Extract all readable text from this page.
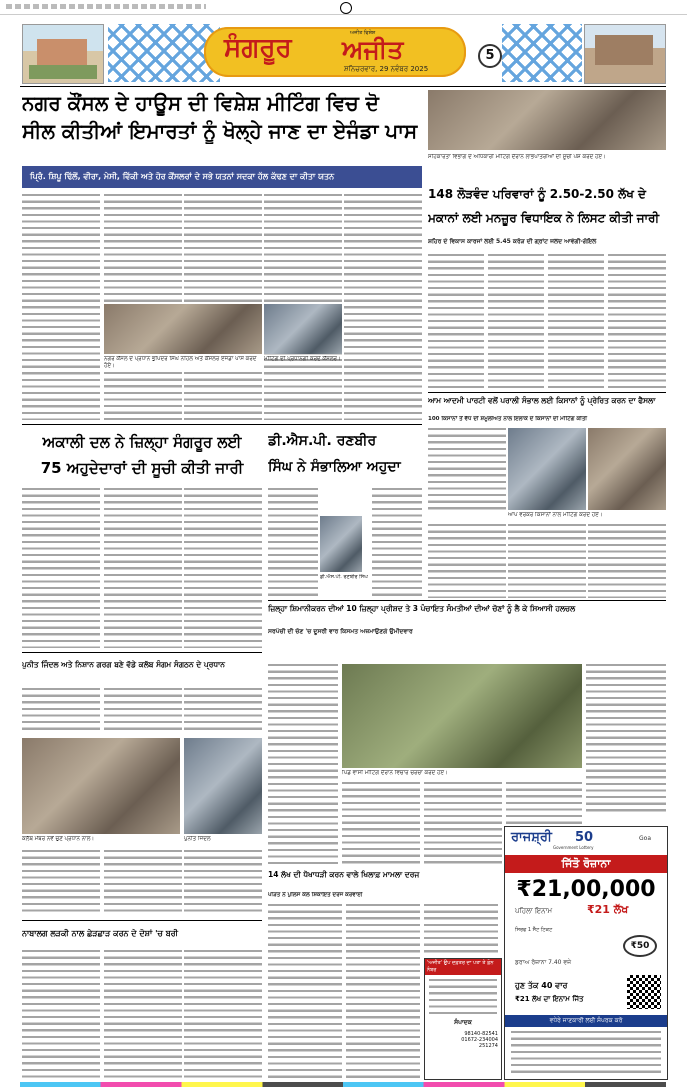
ਸੰਗਰੂਰ	ਅਜੀਤ ਵਿਸ਼ੇਸ਼
ਅਜੀਤ
ਸ਼ਨਿਚਰਵਾਰ, 29 ਨਵੰਬਰ 2025
5
ਨਗਰ ਕੌਂਸਲ ਦੇ ਹਾਊਸ ਦੀ ਵਿਸ਼ੇਸ਼ ਮੀਟਿੰਗ ਵਿਚ ਦੋ
ਸੀਲ ਕੀਤੀਆਂ ਇਮਾਰਤਾਂ ਨੂੰ ਖੋਲ੍ਹੇ ਜਾਣ ਦਾ ਏਜੰਡਾ ਪਾਸ
ਪ੍ਰਿੰ. ਸ਼ਿਪੂ ਢਿੱਲੋਂ, ਵੀਰਾ, ਮੇਸੀ, ਵਿੱਕੀ ਅਤੇ ਹੋਰ ਕੌਂਸਲਰਾਂ ਦੇ ਸਭੇ ਯਤਨਾਂ ਸਦਕਾ ਹੱਲ ਕੱਢਣ ਦਾ ਕੀਤਾ ਯਤਨ
ਨਗਰ ਕੌਂਸਲ ਦੇ ਪ੍ਰਧਾਨ ਭੁਪਿੰਦਰ ਸਿੰਘ ਨਹਿਲ ਅਤੇ ਕੌਂਸਲਰ ਏਜੰਡਾ ਪਾਸ ਕਰਦੇ ਹੋਏ।
ਮੀਟਿੰਗ ਦੀ ਪ੍ਰਧਾਨਗੀ ਕਰਦੇ ਕੌਂਸਲਰ।
ਸਹਿਕਾਰਤਾ ਵਿਭਾਗ ਦੇ ਅਧਿਕਾਰੀ ਮੀਟਿੰਗ ਦੌਰਾਨ ਲਾਭਪਾਤਰੀਆਂ ਦੀ ਸੂਚੀ ਪੇਸ਼ ਕਰਦੇ ਹੋਏ।
148 ਲੋੜਵੰਦ ਪਰਿਵਾਰਾਂ ਨੂੰ 2.50-2.50 ਲੱਖ ਦੇ
ਮਕਾਨਾਂ ਲਈ ਮਨਜ਼ੂਰ ਵਿਧਾਇਕ ਨੇ ਲਿਸਟ ਕੀਤੀ ਜਾਰੀ
ਸ਼ਹਿਰ ਦੇ ਵਿਕਾਸ ਕਾਰਜਾਂ ਲਈ 5.45 ਕਰੋੜ ਦੀ ਗ੍ਰਾਂਟ ਜਲਦ ਆਵੇਗੀ-ਗੋਇਲ
ਆਮ ਆਦਮੀ ਪਾਰਟੀ ਵਲੋਂ ਪਰਾਲੀ ਸੰਭਾਲ ਲਈ ਕਿਸਾਨਾਂ ਨੂੰ ਪ੍ਰੇਰਿਤ ਕਰਨ ਦਾ ਫੈਸਲਾ
100 ਕਿਸਾਨਾਂ ਤੋਂ ਵੱਧ ਦੀ ਸ਼ਮੂਲੀਅਤ ਨਾਲ ਇਲਾਕੇ ਦੇ ਕਿਸਾਨਾਂ ਦੀ ਮੀਟਿੰਗ ਕੀਤੀ
ਆਪ ਵਰਕਰ ਕਿਸਾਨਾਂ ਨਾਲ ਮੀਟਿੰਗ ਕਰਦੇ ਹੋਏ।
ਅਕਾਲੀ ਦਲ ਨੇ ਜ਼ਿਲ੍ਹਾ ਸੰਗਰੂਰ ਲਈ
75 ਅਹੁਦੇਦਾਰਾਂ ਦੀ ਸੂਚੀ ਕੀਤੀ ਜਾਰੀ
ਡੀ.ਐਸ.ਪੀ. ਰਣਬੀਰ
ਸਿੰਘ ਨੇ ਸੰਭਾਲਿਆ ਅਹੁਦਾ
ਡੀ.ਐਸ.ਪੀ. ਰਣਬੀਰ ਸਿੰਘ
ਜ਼ਿਲ੍ਹਾ ਸ਼ਿਮਾਨੀਕਰਨ ਦੀਆਂ 10 ਜ਼ਿਲ੍ਹਾ ਪ੍ਰੀਸ਼ਦ ਤੇ 3 ਪੰਚਾਇਤ ਸੰਮਤੀਆਂ ਦੀਆਂ ਚੋਣਾਂ ਨੂੰ ਲੈ ਕੇ ਸਿਆਸੀ ਹਲਚਲ
ਸਰਪੰਚੀ ਦੀ ਚੋਣ 'ਚ ਦੂਸਰੀ ਵਾਰ ਕਿਸਮਤ ਅਜ਼ਮਾਉਣਗੇ ਉਮੀਦਵਾਰ
ਪਿੰਡ ਵਾਸੀ ਮੀਟਿੰਗ ਦੌਰਾਨ ਵਿਚਾਰ ਚਰਚਾ ਕਰਦੇ ਹੋਏ।
ਪੁਨੀਤ ਜਿੰਦਲ ਅਤੇ ਨਿਸ਼ਾਨ ਗਰਗ ਬਣੇ ਵੱਡੇ ਕਲੱਬ ਸੰਗਮ ਸੰਗਠਨ ਦੇ ਪ੍ਰਧਾਨ
ਕਲੱਬ ਮੈਂਬਰ ਨਵੇਂ ਚੁਣੇ ਪ੍ਰਧਾਨ ਨਾਲ।	ਪੁਨੀਤ ਜਿੰਦਲ
14 ਲੱਖ ਦੀ ਧੋਖਾਧੜੀ ਕਰਨ ਵਾਲੇ ਖਿਲਾਫ਼ ਮਾਮਲਾ ਦਰਜ
ਪੀੜਤ ਨੇ ਪੁਲਿਸ ਕੋਲ ਸ਼ਿਕਾਇਤ ਦਰਜ ਕਰਵਾਈ
ਨਾਬਾਲਗ ਲੜਕੀ ਨਾਲ ਛੇੜਛਾੜ ਕਰਨ ਦੇ ਦੋਸ਼ਾਂ 'ਚ ਬਰੀ
'ਅਜੀਤ' ਉਪ ਦਫ਼ਤਰ ਦਾ ਪਤਾ ਤੇ ਫ਼ੋਨ ਨੰਬਰ
ਸੰਪਾਦਕ
98140-82541
01672-234004
251274
ਰਾਜਸ਼੍ਰੀ 50
Government Lottery
Goa
ਜਿੱਤੋ ਰੋਜ਼ਾਨਾ
₹21,00,000
ਪਹਿਲਾ ਇਨਾਮ	₹21 ਲੱਖ
ਸਿਰਫ 1 ਸੈੱਟ ਟਿਕਟ
₹50
ਡਰਾਅ ਰੋਜ਼ਾਨਾ 7.40 ਵਜੇ
ਹੁਣ ਤੱਕ 40 ਵਾਰ
₹21 ਲੱਖ ਦਾ ਇਨਾਮ ਜਿੱਤ
ਵਧੇਰੇ ਜਾਣਕਾਰੀ ਲਈ ਸੰਪਰਕ ਕਰੋ
